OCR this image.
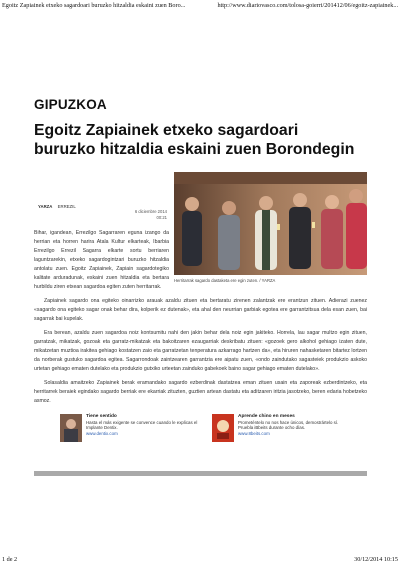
Egoitz Zapiainek etxeko sagardoari buruzko hitzaldia eskaini zuen Boro...	http://www.diariovasco.com/tolosa-goierri/201412/06/egoitz-zapiainek...
GIPUZKOA
Egoitz Zapiainek etxeko sagardoari buruzko hitzaldia eskaini zuen Borondegin
YARZA ERREZIL
6 diciembre 2014
00:21
Bihar, igandean, Errezilgo Sagarraren eguna izango da herrian eta horren harira Atala Kultur elkarteak, Ibarbia Errezilgo Errezil Sagarra elkarte sortu berriaren laguntzarekin, etxeko sagardogintzari buruzko hitzaldia antolatu zuen. Egoitz Zapiainek, Zapiain sagardotegiko kalitate arduradunak, eskaini zuen hitzaldia eta bertara hurbildu ziren etxean sagardoa egiten zuten herritarrak.
Herritarrak sagardo dastaketa ere egin zuten. / YARZA

Zapiainek sagardo ona egiteko oinarrizko arauak azaldu zituen eta bertaratu zirenen zalantzak ere erantzun zituen. Adierazi zuenez «sagardo ona egiteko sagar onak behar dira, kolperik ez dutenak», eta ahal den neurrian garbiak egotea ere garrantzitsua dela esan zuen, bai sagarrak bai kupelak.

Era berean, azaldu zuen sagardoa noiz kontsumitu nahi den jakin behar dela noiz egin jakiteko. Horrela, lau sagar multzo egin zituen, garratzak, mikatzak, gozoak eta garratz-mikatzak eta bakoitzaren ezaugarriak deskribatu zituen: «gozoek gero alkohol gehiago izaten dute, mikatzetan muztioa irakitea gehiago kostatzen zaio eta garratzetan tenperatura azkarrago hartzen da», eta hiruren nahasketaren bitartez lortzen da norberak gustuko sagardoa egitea. Sagarrondoak zaintzearen garrantzia ere aipatu zuen, «ondo zaindutako sagasteiek produkzio askoko urtetan gehiago ematen dutelako eta produkzio gutxiko urteetan zainduko gabekoek baino sagar gehiago ematen dutelako».

Solasaldia amaitzeko Zapiainek berak eramandako sagardo ezberdinak dastatzea eman zituen usain eta zaporeak ezberdintzeko, eta herritarrek beraiek egindako sagardo berriak ere ekarriak zituzten, guztien artean dastatu eta aditzaren iritzia jasotzeko, beren edaria hobetzeko asmoz.

Tiene sentido
Hasta el más exigente se convence cuando le explicas el Implante Dentix.
www.dentix.com
Aprende chino en meses
Prometéntelo no nos hace únicos, demostrártelo sí. Pruebla iBbeits durante ocho días.
www.8beits.com
1 de 2	30/12/2014 10:15
